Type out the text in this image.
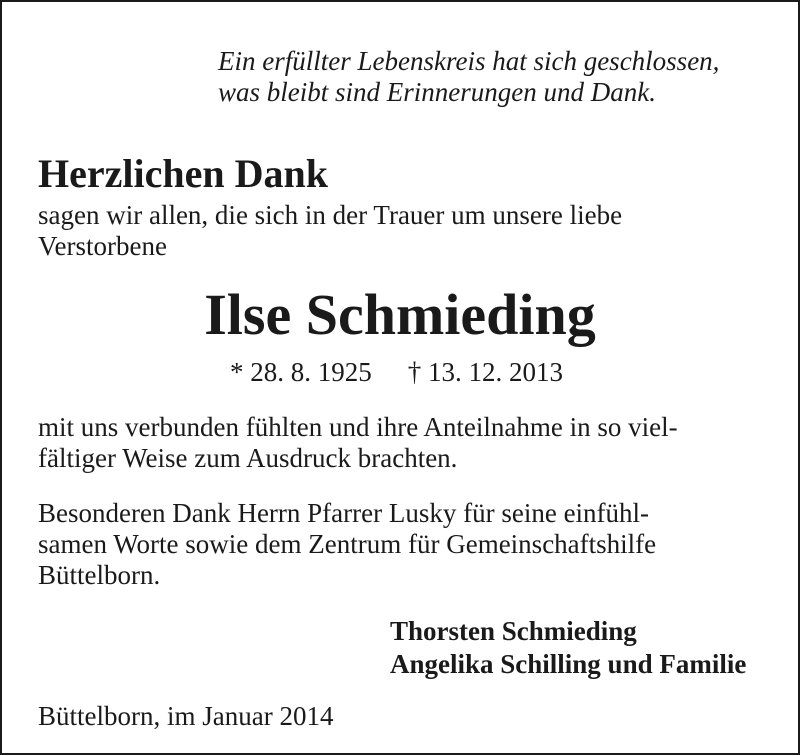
Ein erfüllter Lebenskreis hat sich geschlossen,
was bleibt sind Erinnerungen und Dank.

Herzlichen Dank

sagen wir allen, die sich in der Trauer um unsere liebe
Verstorbene

Ilse Schmieding
* 28. 8. 1925 † 13. 12. 2013

mit uns verbunden fühlten und ihre Anteilnahme in so viel-
fältiger Weise zum Ausdruck brachten.

Besonderen Dank Herrn Pfarrer Lusky für seine einfühl-
samen Worte sowie dem Zentrum für Gemeinschaftshilfe
Büttelborn.

Thorsten Schmieding
Angelika Schilling und Familie

Büttelborn, im Januar 2014
